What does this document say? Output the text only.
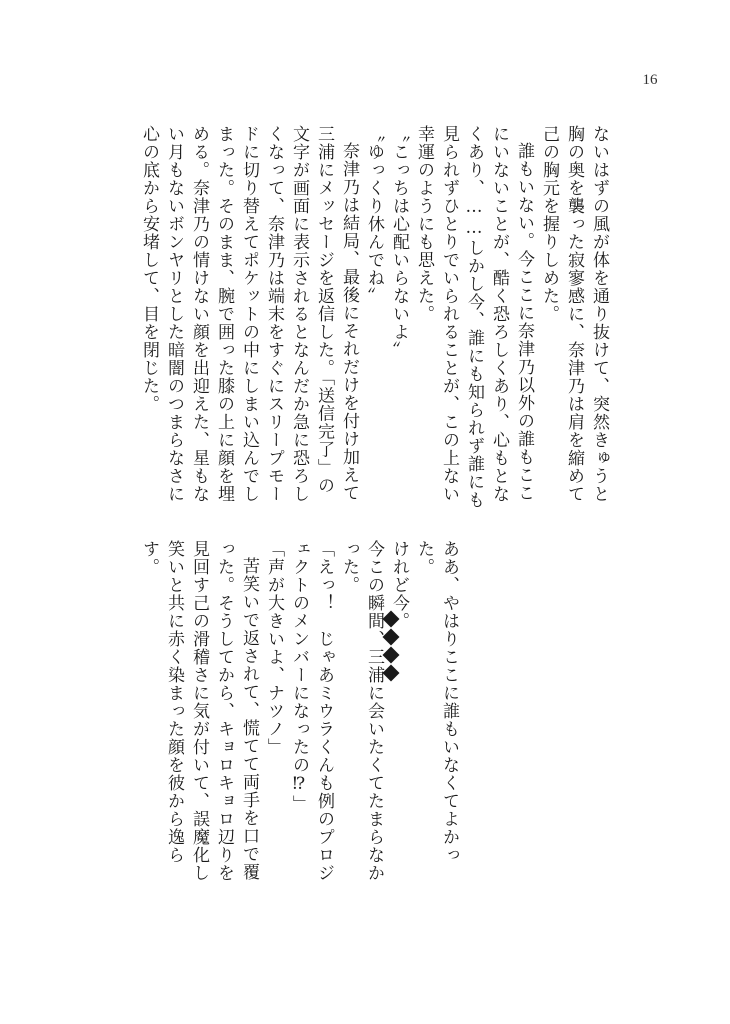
16

ないはずの風が体を通り抜けて、突然きゅうと胸の奥を襲った寂寥感に、奈津乃は肩を縮めて己の胸元を握りしめた。

誰もいない。今ここに奈津乃以外の誰もここにいないことが、酷く恐ろしくあり、心もとなくあり、……しかし今、誰にも知られず誰にも見られずひとりでいられることが、この上ない幸運のようにも思えた。

〝こっちは心配いらないよ〟

〝ゆっくり休んでね〟

奈津乃は結局、最後にそれだけを付け加えて三浦にメッセージを返信した。「送信完了」の文字が画面に表示されるとなんだか急に恐ろしくなって、奈津乃は端末をすぐにスリープモードに切り替えてポケットの中にしまい込んでしまった。そのまま、腕で囲った膝の上に顔を埋める。奈津乃の情けない顔を出迎えた、星もない月もないボンヤリとした暗闇のつまらなさに心の底から安堵して、目を閉じた。

ああ、やはりここに誰もいなくてよかった。

けれど今。

今この瞬間、三浦に会いたくてたまらなかった。

「えっ！　じゃあミウラくんも例のプロジェクトのメンバーになったの⁉」

「声が大きいよ、ナツノ」

苦笑いで返されて、慌てて両手を口で覆った。そうしてから、キョロキョロ辺りを見回す己の滑稽さに気が付いて、誤魔化し笑いと共に赤く染まった顔を彼から逸らす。
